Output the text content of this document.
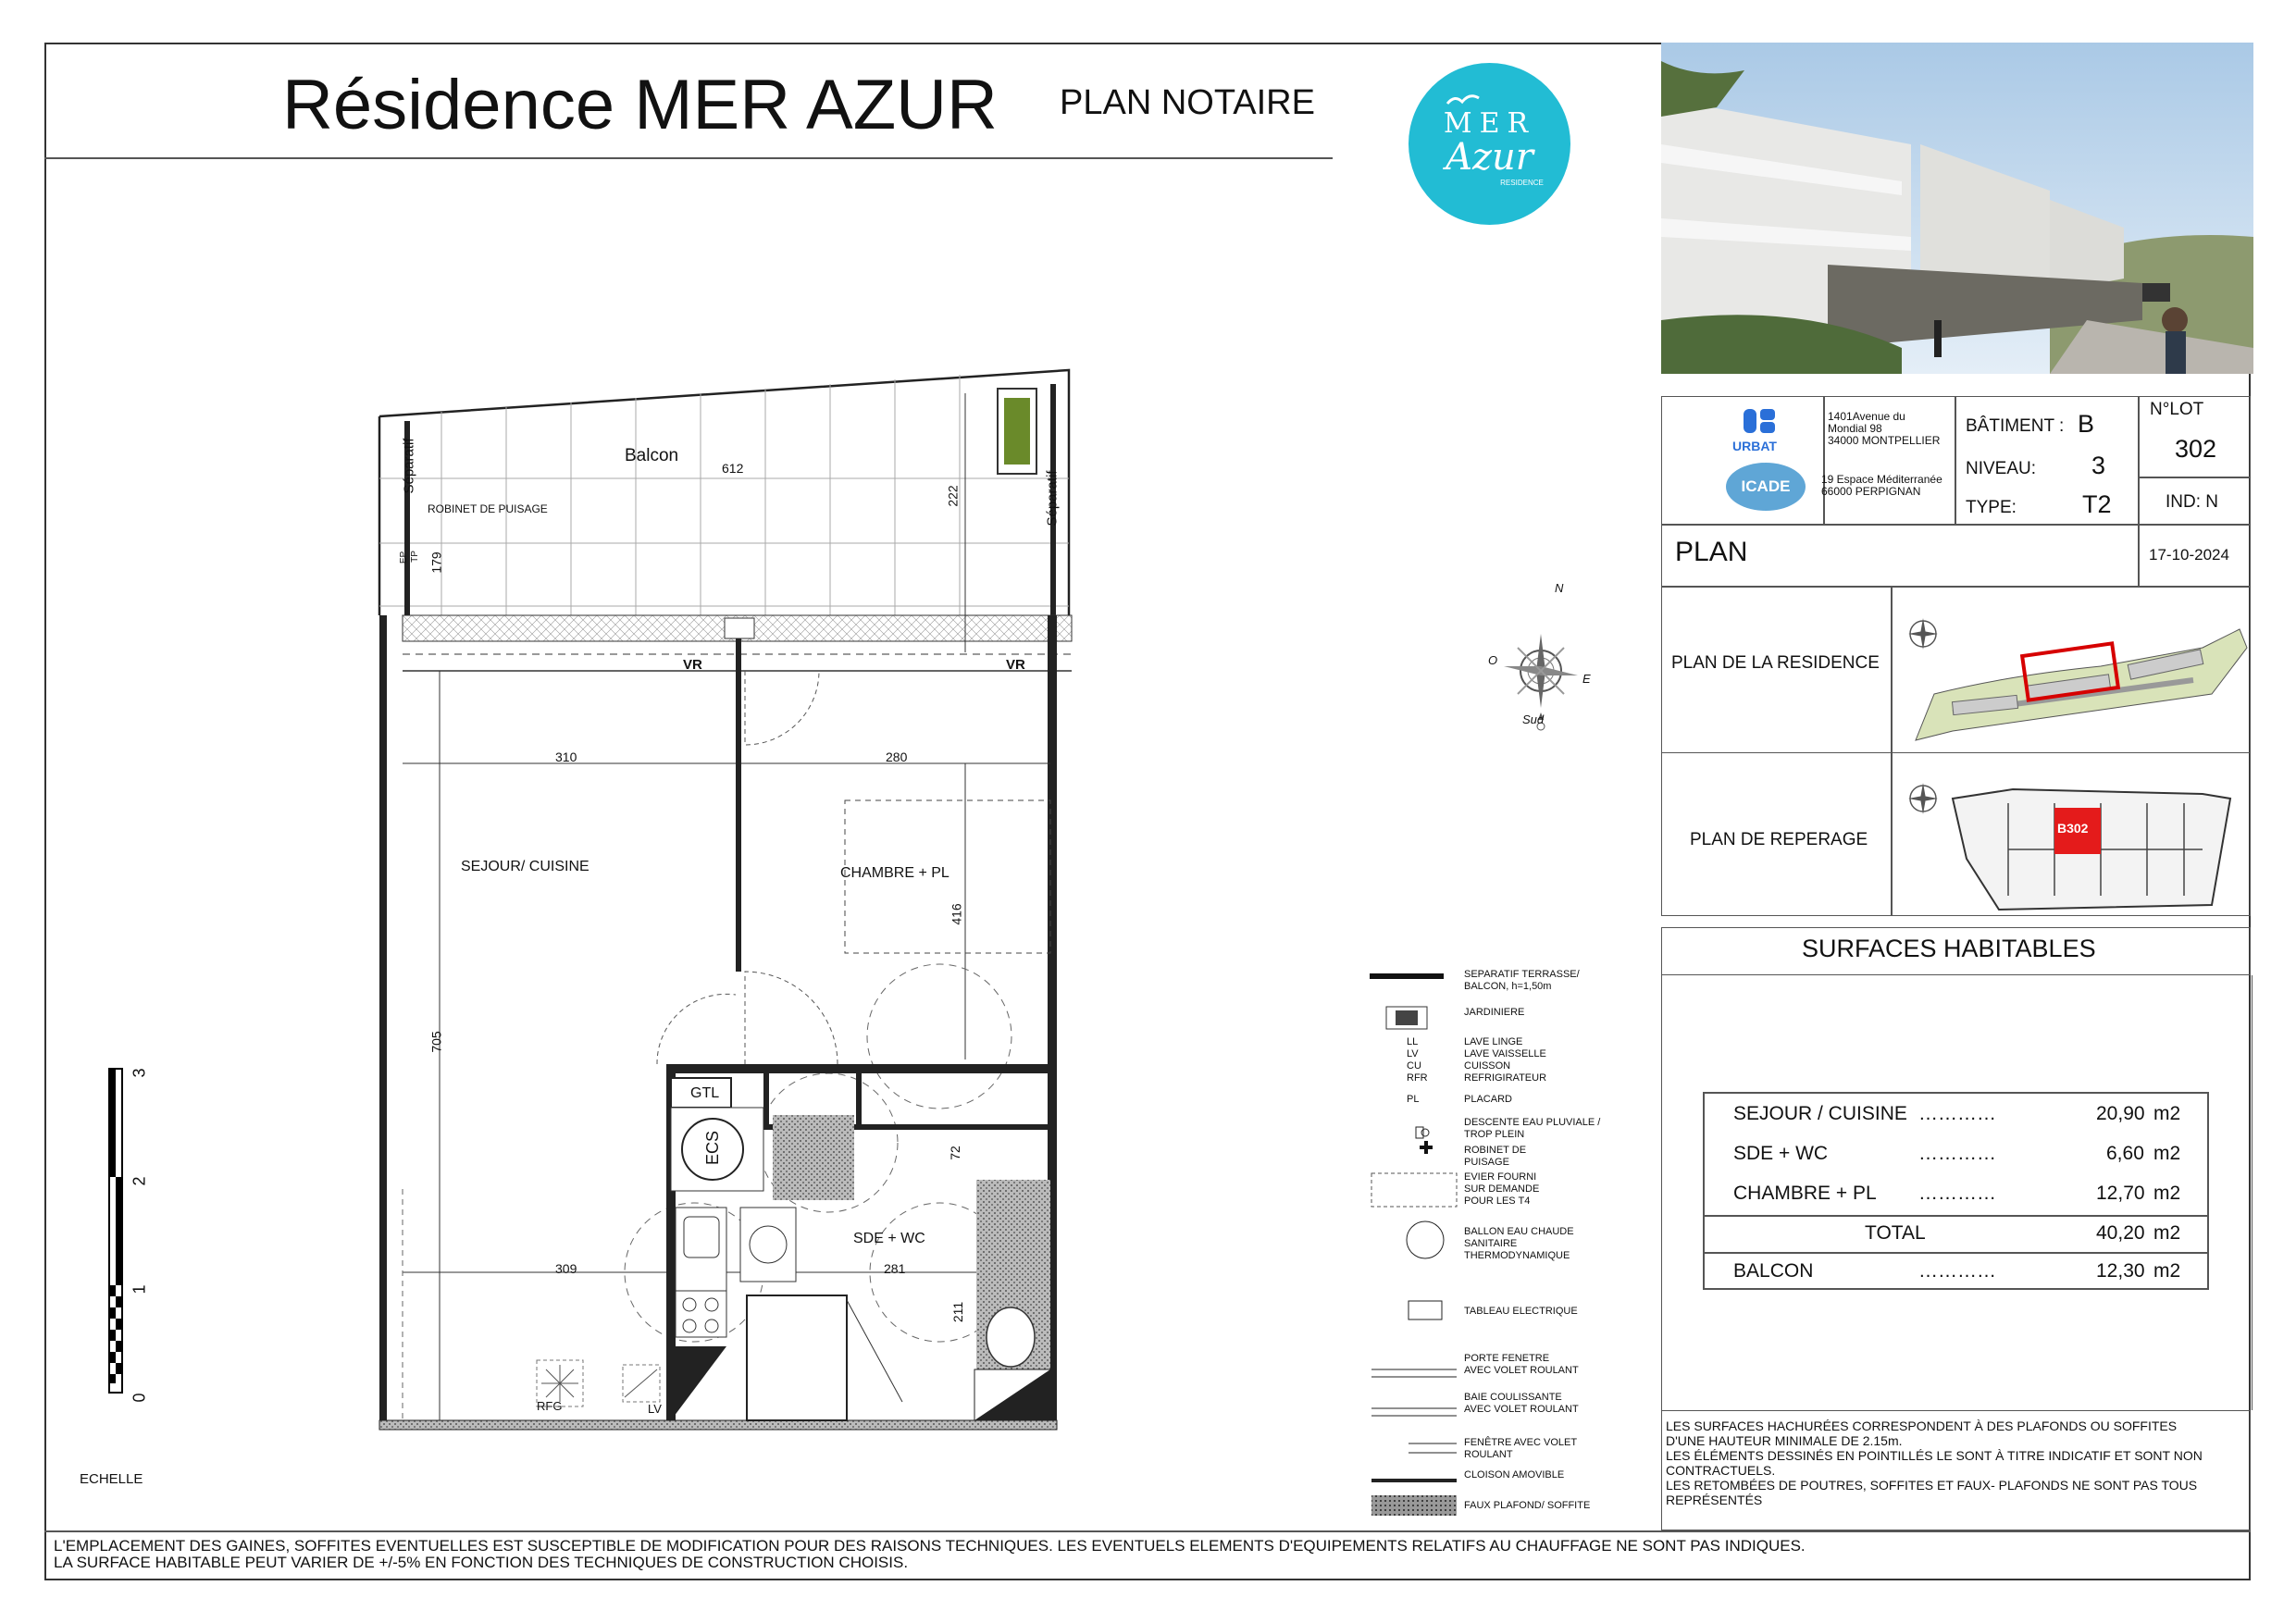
Résidence MER AZUR PLAN NOTAIRE
MER
Azur
RESIDENCE
URBAT
1401Avenue du
Mondial 98
34000 MONTPELLIER
ICADE	19 Espace Méditerranée
66000 PERPIGNAN
BÂTIMENT : B
NIVEAU: 3
TYPE:	T2
N°LOT
302
IND: N
PLAN	17-10-2024
PLAN DE LA RESIDENCE
PLAN DE REPERAGE
B302
SURFACES HABITABLES
SEJOUR / CUISINE …………	20,90 m2
SDE + WC	…………	6,60 m2
CHAMBRE + PL …………	12,70 m2
TOTAL	40,20 m2
BALCON	…………	12,30 m2
LES SURFACES HACHURÉES CORRESPONDENT À DES PLAFONDS OU SOFFITES
D'UNE HAUTEUR MINIMALE DE 2.15m.
LES ÉLÉMENTS DESSINÉS EN POINTILLÉS LE SONT À TITRE INDICATIF ET SONT NON
CONTRACTUELS.
LES RETOMBÉES DE POUTRES, SOFFITES ET FAUX- PLAFONDS NE SONT PAS TOUS
REPRÉSENTÉS
L'EMPLACEMENT DES GAINES, SOFFITES EVENTUELLES EST SUSCEPTIBLE DE MODIFICATION POUR DES RAISONS TECHNIQUES. LES EVENTUELS ELEMENTS D'EQUIPEMENTS RELATIFS AU CHAUFFAGE NE SONT PAS INDIQUES.
LA SURFACE HABITABLE PEUT VARIER DE +/-5% EN FONCTION DES TECHNIQUES DE CONSTRUCTION CHOISIS.
N
O
E
Sud
0
1
2
3
ECHELLE
Balcon
612
222
Séparatif
Séparatif
ROBINET DE PUISAGE
EP TP 179
VR	VR
310	280
SEJOUR/ CUISINE	CHAMBRE + PL
416
705
GTL
ECS	72
SDE + WC
309	281
211
RFG	LV
SEPARATIF TERRASSE/
BALCON, h=1,50m
JARDINIERE
LL
LV
CU
RFR
LAVE LINGE
LAVE VAISSELLE
CUISSON
REFRIGIRATEUR
PL	PLACARD
DESCENTE EAU PLUVIALE /
TROP PLEIN
ROBINET DE
PUISAGE
EVIER FOURNI
SUR DEMANDE
POUR LES T4
BALLON EAU CHAUDE
SANITAIRE
THERMODYNAMIQUE
TABLEAU ELECTRIQUE
PORTE FENETRE
AVEC VOLET ROULANT
BAIE COULISSANTE
AVEC VOLET ROULANT
FENÊTRE AVEC VOLET
ROULANT
CLOISON AMOVIBLE
FAUX PLAFOND/ SOFFITE
